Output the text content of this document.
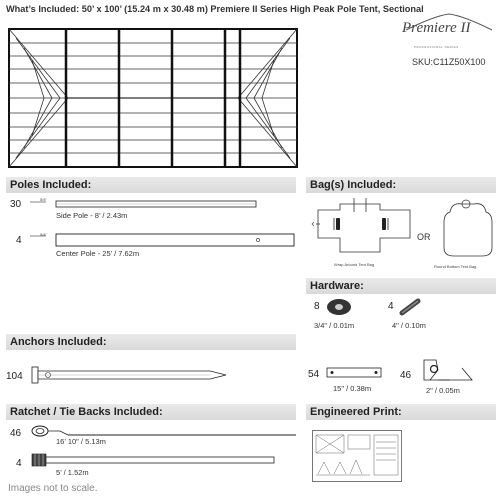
What’s Included: 50’ x 100’ (15.24 m x 30.48 m) Premiere II Series High Peak Pole Tent, Sectional
Premiere II
PROFESSIONAL SERIES
SKU:C11Z50X100
Poles Included:	Bag(s) Included:
Hardware:
Anchors Included:
Ratchet / Tie Backs Included:	Engineered Print:
30	5/4"
Side Pole - 8’ / 2.43m
4
5/4"
Center Pole - 25’ / 7.62m
Wrap Around Tent Bag
OR
Round Bottom Tent Bag
8
3/4" / 0.01m
4
4" / 0.10m
104	54
15" / 0.38m
46
2" / 0.05m
46
16’ 10" / 5.13m
4
5’ / 1.52m
Images not to scale.
